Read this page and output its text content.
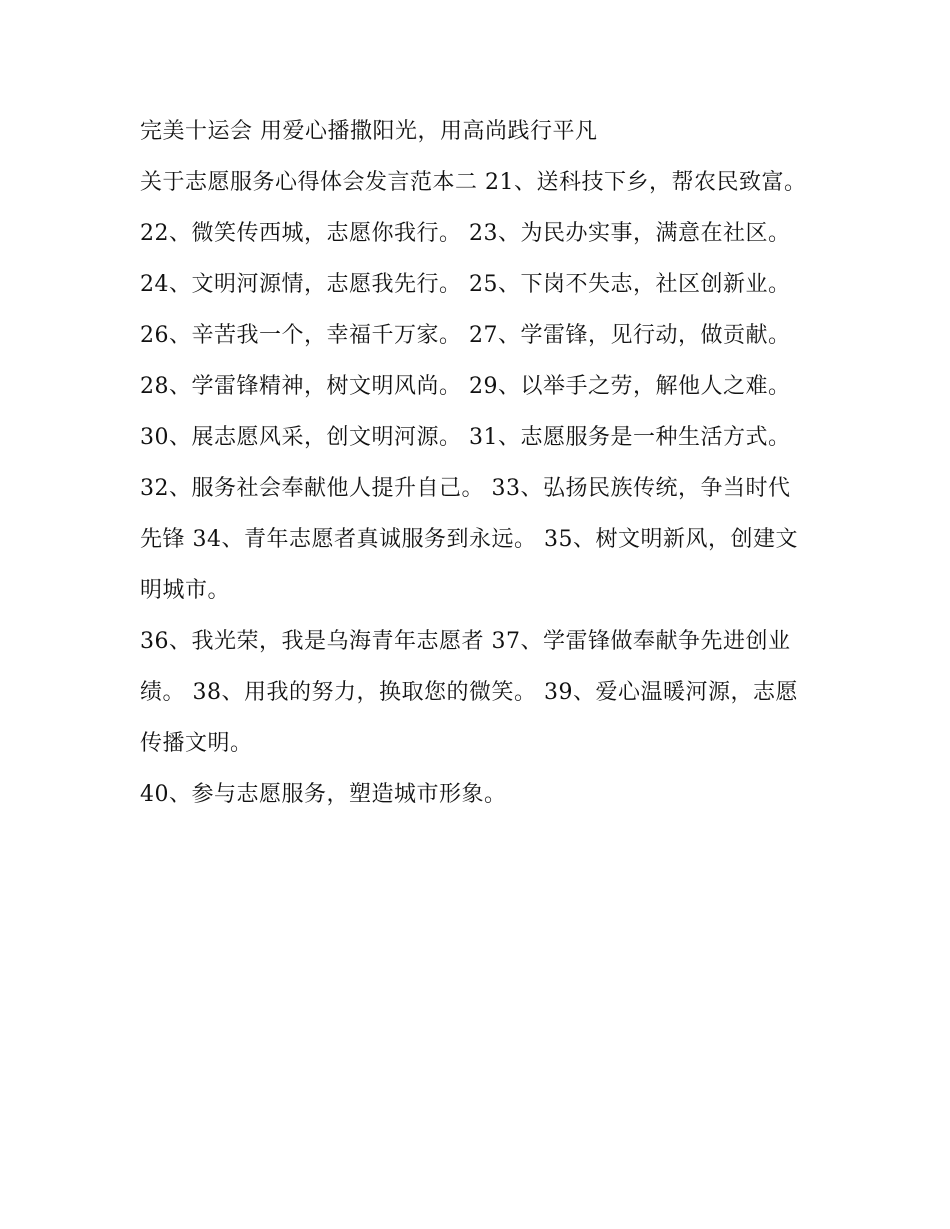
完美十运会 用爱心播撒阳光，用高尚践行平凡

关于志愿服务心得体会发言范本二 21、送科技下乡，帮农民致富。 22、微笑传西城，志愿你我行。 23、为民办实事，满意在社区。

24、文明河源情，志愿我先行。 25、下岗不失志，社区创新业。 26、辛苦我一个，幸福千万家。 27、学雷锋，见行动，做贡献。

28、学雷锋精神，树文明风尚。 29、以举手之劳，解他人之难。 30、展志愿风采，创文明河源。 31、志愿服务是一种生活方式。

32、服务社会奉献他人提升自己。 33、弘扬民族传统，争当时代先锋 34、青年志愿者真诚服务到永远。 35、树文明新风，创建文明城市。

36、我光荣，我是乌海青年志愿者 37、学雷锋做奉献争先进创业绩。 38、用我的努力，换取您的微笑。 39、爱心温暖河源，志愿传播文明。

40、参与志愿服务，塑造城市形象。
